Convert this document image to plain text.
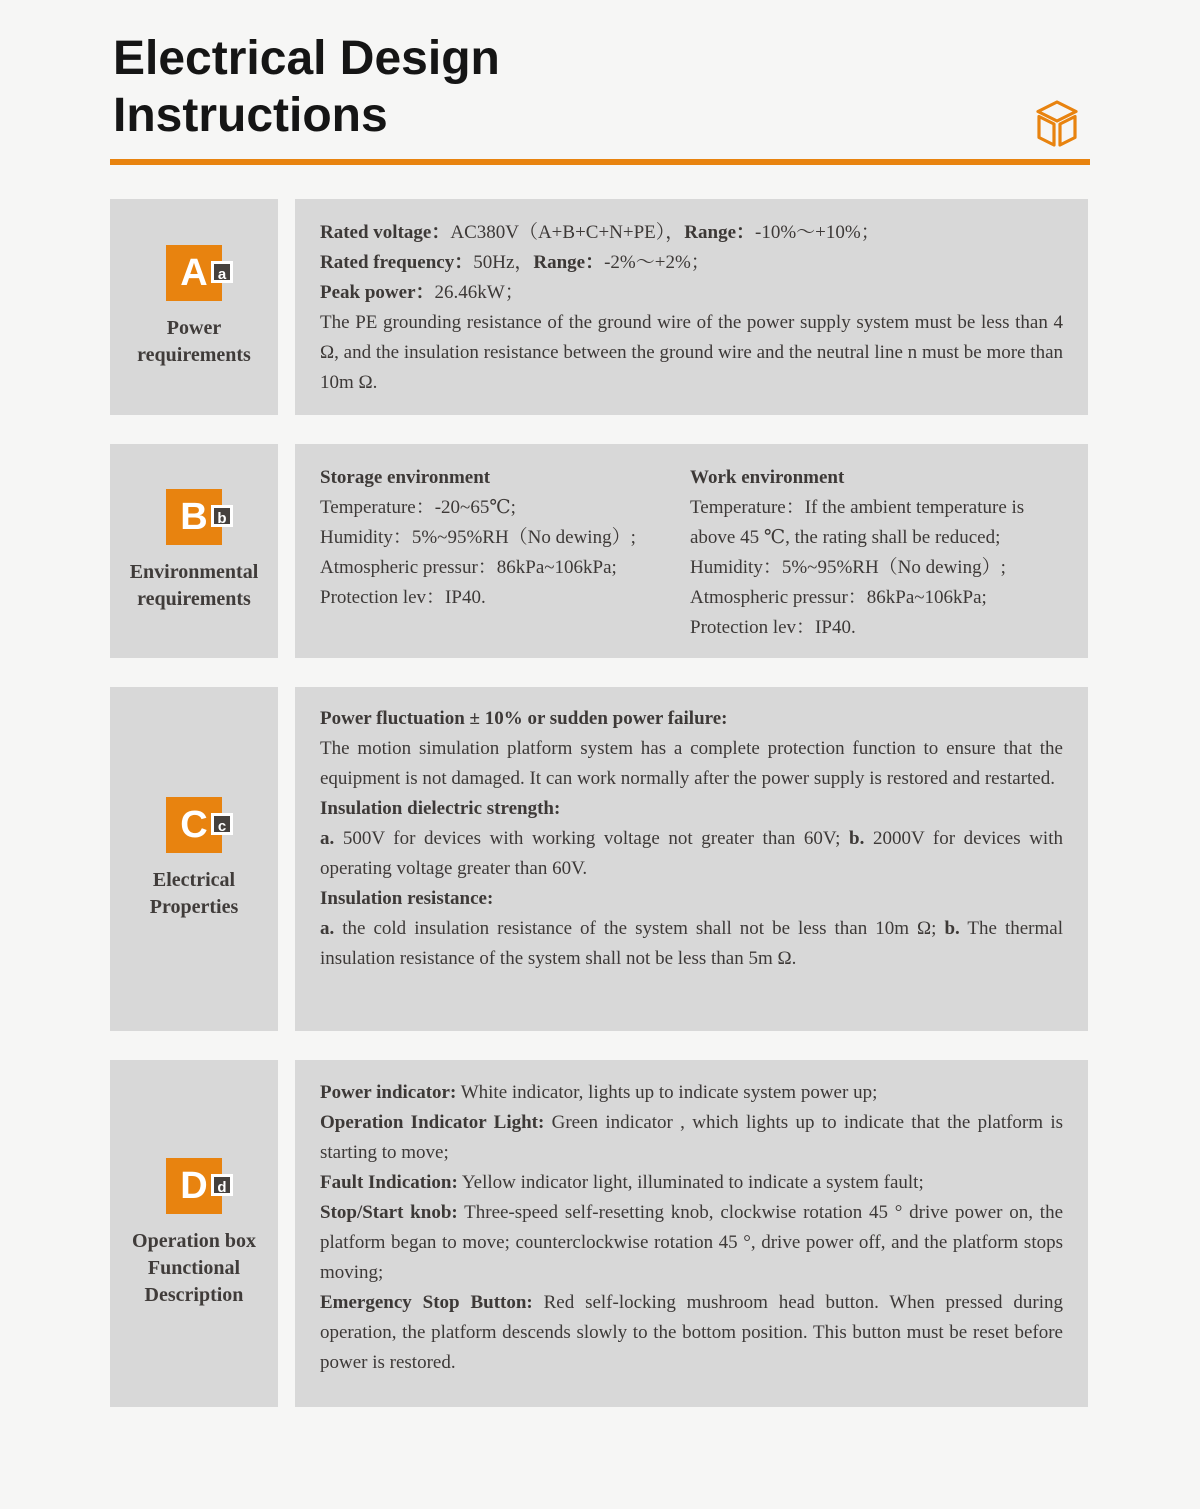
Electrical Design
Instructions
A a
Power requirements
Rated voltage：AC380V（A+B+C+N+PE），Range：-10%～+10%；
Rated frequency：50Hz，Range：-2%～+2%；
Peak power：26.46kW；
The PE grounding resistance of the ground wire of the power supply system must be less than 4 Ω, and the insulation resistance between the ground wire and the neutral line n must be more than 10m Ω.
B b
Environmental requirements
Storage environment
Temperature：-20~65℃;
Humidity：5%~95%RH（No dewing）;
Atmospheric pressur：86kPa~106kPa;
Protection lev：IP40.
Work environment
Temperature：If the ambient temperature is above 45 ℃, the rating shall be reduced;
Humidity：5%~95%RH（No dewing）;
Atmospheric pressur：86kPa~106kPa;
Protection lev：IP40.
C c
Electrical Properties
Power fluctuation ± 10% or sudden power failure:
The motion simulation platform system has a complete protection function to ensure that the equipment is not damaged. It can work normally after the power supply is restored and restarted.
Insulation dielectric strength:
a. 500V for devices with working voltage not greater than 60V; b. 2000V for devices with operating voltage greater than 60V.
Insulation resistance:
a. the cold insulation resistance of the system shall not be less than 10m Ω; b. The thermal insulation resistance of the system shall not be less than 5m Ω.
D d
Operation box Functional Description
Power indicator: White indicator, lights up to indicate system power up;
Operation Indicator Light: Green indicator , which lights up to indicate that the platform is starting to move;
Fault Indication: Yellow indicator light, illuminated to indicate a system fault;
Stop/Start knob: Three-speed self-resetting knob, clockwise rotation 45 ° drive power on, the platform began to move; counterclockwise rotation 45 °, drive power off, and the platform stops moving;
Emergency Stop Button: Red self-locking mushroom head button. When pressed during operation, the platform descends slowly to the bottom position. This button must be reset before power is restored.
